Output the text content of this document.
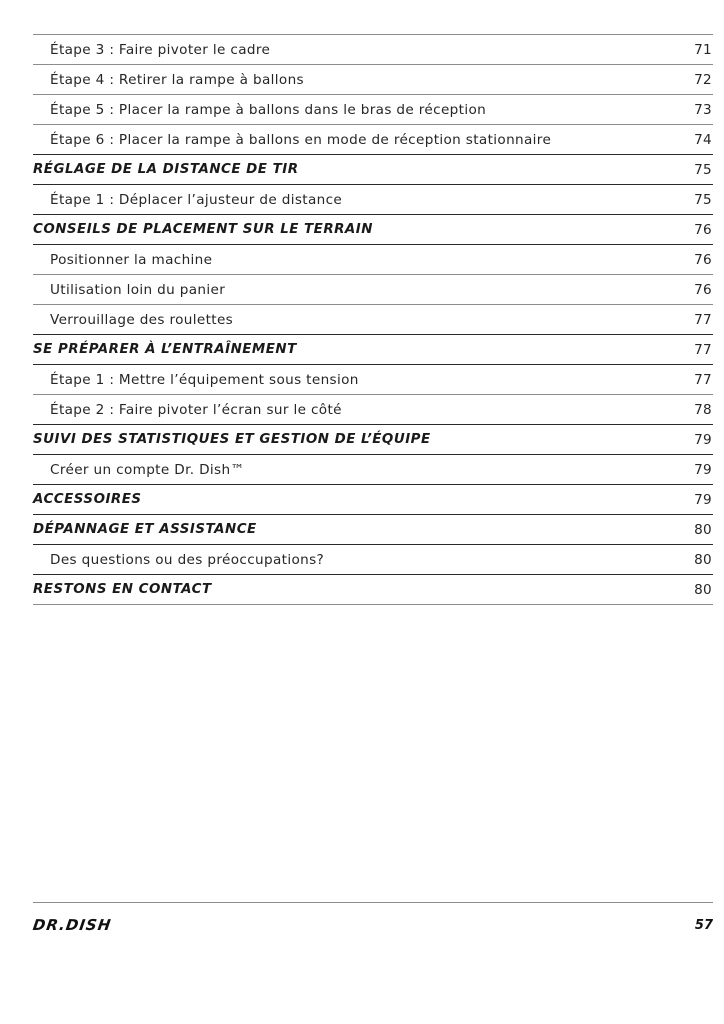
Étape 3 : Faire pivoter le cadre	71
Étape 4 : Retirer la rampe à ballons	72
Étape 5 : Placer la rampe à ballons dans le bras de réception	73
Étape 6 : Placer la rampe à ballons en mode de réception stationnaire	74
RÉGLAGE DE LA DISTANCE DE TIR	75
Étape 1 : Déplacer l’ajusteur de distance	75
CONSEILS DE PLACEMENT SUR LE TERRAIN	76
Positionner la machine	76
Utilisation loin du panier	76
Verrouillage des roulettes	77
SE PRÉPARER À L’ENTRAÎNEMENT	77
Étape 1 : Mettre l’équipement sous tension	77
Étape 2 : Faire pivoter l’écran sur le côté	78
SUIVI DES STATISTIQUES ET GESTION DE L’ÉQUIPE	79
Créer un compte Dr. Dish™	79
ACCESSOIRES	79
DÉPANNAGE ET ASSISTANCE	80
Des questions ou des préoccupations?	80
RESTONS EN CONTACT	80
DR.DISH	57
